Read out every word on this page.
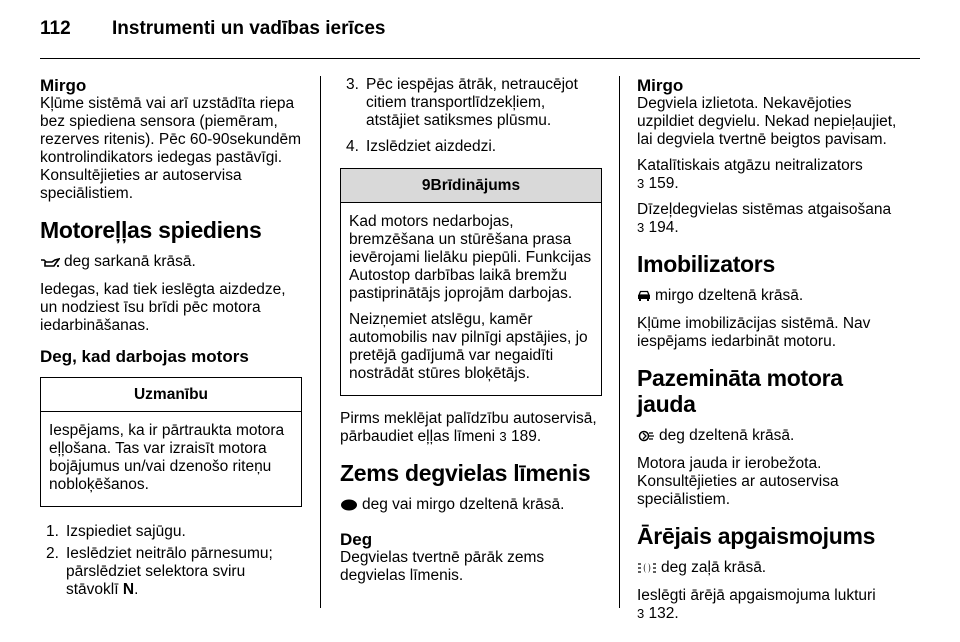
112 Instrumenti un vadības ierīces
Mirgo

Kļūme sistēmā vai arī uzstādīta riepa bez spiediena sensora (piemēram, rezerves ritenis). Pēc 60-90sekundēm kontrolindikators iedegas pastāvīgi. Konsultējieties ar autoservisa speciālistiem.

Motoreļļas spiediens

deg sarkanā krāsā.

Iedegas, kad tiek ieslēgta aizdedze, un nodziest īsu brīdi pēc motora iedarbināšanas.

Deg, kad darbojas motors
Uzmanību

Iespējams, ka ir pārtraukta motora eļļošana. Tas var izraisīt motora bojājumus un/vai dzenošo riteņu nobloķēšanos.

1. Izspiediet sajūgu.
2. Ieslēdziet neitrālo pārnesumu; pārslēdziet selektora sviru stāvoklī N.
3. Pēc iespējas ātrāk, netraucējot citiem transportlīdzekļiem, atstājiet satiksmes plūsmu.
4. Izslēdziet aizdedzi.
9Brīdinājums

Kad motors nedarbojas, bremzēšana un stūrēšana prasa ievērojami lielāku piepūli. Funkcijas Autostop darbības laikā bremžu pastiprinātājs joprojām darbojas.

Neizņemiet atslēgu, kamēr automobilis nav pilnīgi apstājies, jo pretējā gadījumā var negaidīti nostrādāt stūres bloķētājs.

Pirms meklējat palīdzību autoservisā, pārbaudiet eļļas līmeni 3 189.

Zems degvielas līmenis

deg vai mirgo dzeltenā krāsā.

Deg

Degvielas tvertnē pārāk zems degvielas līmenis.

Mirgo

Degviela izlietota. Nekavējoties uzpildiet degvielu. Nekad nepieļaujiet, lai degviela tvertnē beigtos pavisam.

Katalītiskais atgāzu neitralizators
3 159.

Dīzeļdegvielas sistēmas atgaisošana
3 194.

Imobilizators

mirgo dzeltenā krāsā.

Kļūme imobilizācijas sistēmā. Nav iespējams iedarbināt motoru.

Pazemināta motora jauda

deg dzeltenā krāsā.

Motora jauda ir ierobežota. Konsultējieties ar autoservisa speciālistiem.

Ārējais apgaismojums

deg zaļā krāsā.

Ieslēgti ārējā apgaismojuma lukturi
3 132.
